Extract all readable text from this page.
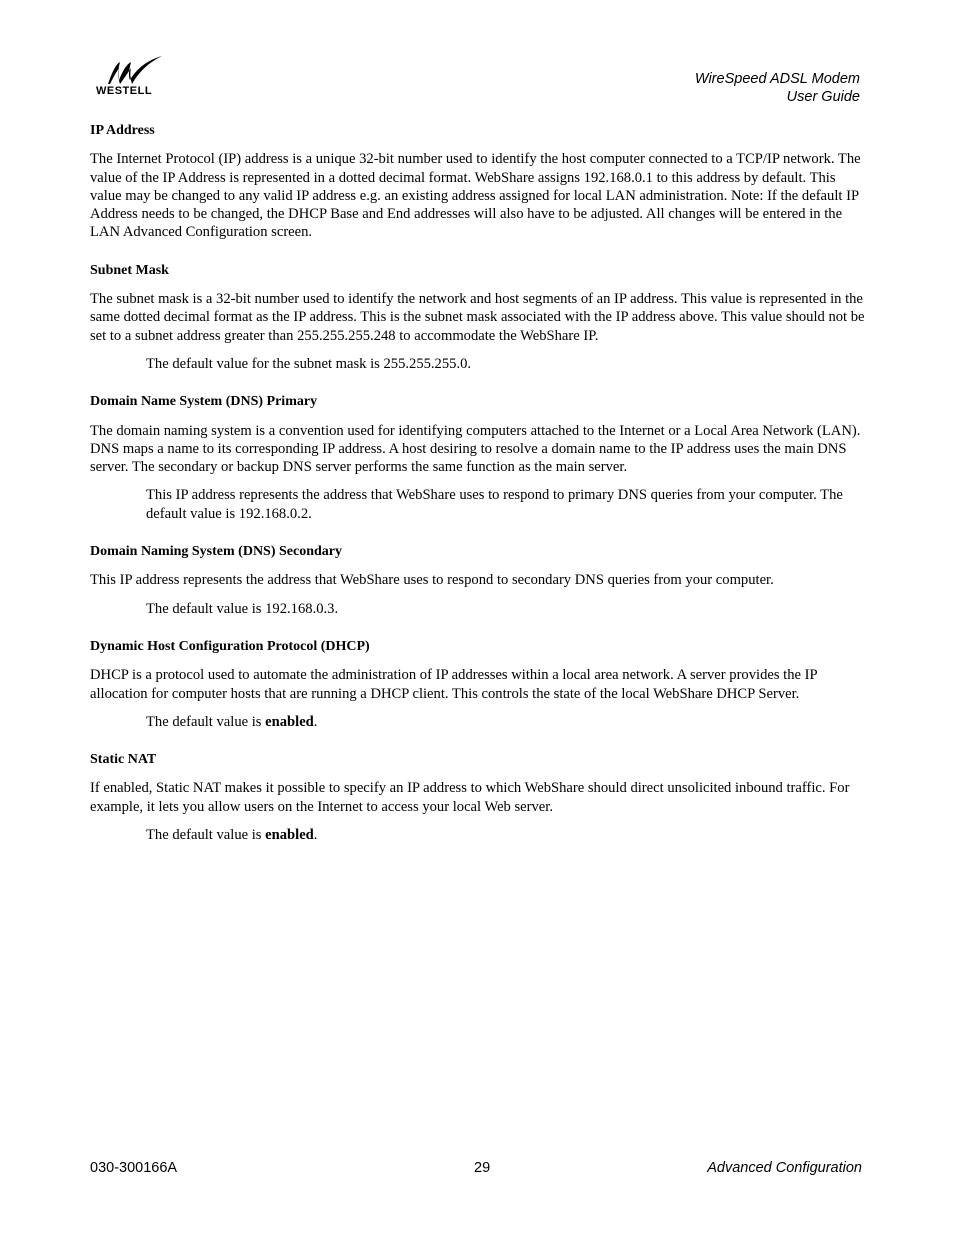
WESTELL
WireSpeed ADSL Modem
User Guide

IP Address

The Internet Protocol (IP) address is a unique 32-bit number used to identify the host computer connected to a TCP/IP network. The value of the IP Address is represented in a dotted decimal format. WebShare assigns 192.168.0.1 to this address by default. This value may be changed to any valid IP address e.g. an existing address assigned for local LAN administration. Note: If the default IP Address needs to be changed, the DHCP Base and End addresses will also have to be adjusted. All changes will be entered in the LAN Advanced Configuration screen.

Subnet Mask

The subnet mask is a 32-bit number used to identify the network and host segments of an IP address. This value is represented in the same dotted decimal format as the IP address. This is the subnet mask associated with the IP address above. This value should not be set to a subnet address greater than 255.255.255.248 to accommodate the WebShare IP.

The default value for the subnet mask is 255.255.255.0.

Domain Name System (DNS) Primary

The domain naming system is a convention used for identifying computers attached to the Internet or a Local Area Network (LAN). DNS maps a name to its corresponding IP address. A host desiring to resolve a domain name to the IP address uses the main DNS server. The secondary or backup DNS server performs the same function as the main server.

This IP address represents the address that WebShare uses to respond to primary DNS queries from your computer. The default value is 192.168.0.2.

Domain Naming System (DNS) Secondary

This IP address represents the address that WebShare uses to respond to secondary DNS queries from your computer.

The default value is 192.168.0.3.

Dynamic Host Configuration Protocol (DHCP)

DHCP is a protocol used to automate the administration of IP addresses within a local area network. A server provides the IP allocation for computer hosts that are running a DHCP client. This controls the state of the local WebShare DHCP Server.

The default value is enabled.

Static NAT

If enabled, Static NAT makes it possible to specify an IP address to which WebShare should direct unsolicited inbound traffic. For example, it lets you allow users on the Internet to access your local Web server.

The default value is enabled.

030-300166A	29	Advanced Configuration
